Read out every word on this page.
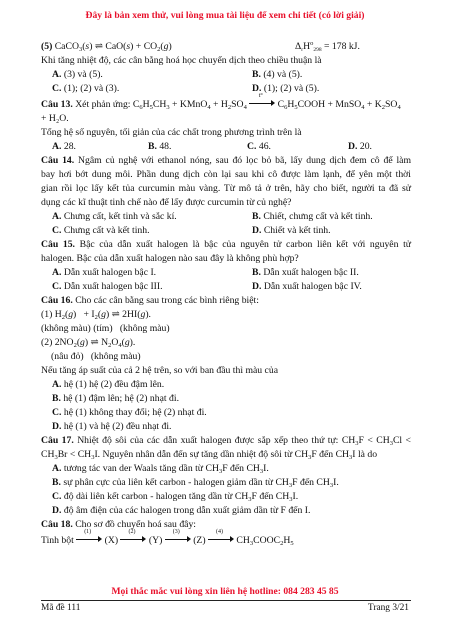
Đây là bản xem thử, vui lòng mua tài liệu để xem chi tiết (có lời giải)
(5) CaCO$_3$(s) ⇌ $CaO(s) + CO_2(g)$	$\Delta_rH^o_{298} = 178$ kJ.
Khi tăng nhiệt độ, các cân bằng hoá học chuyển dịch theo chiều thuận là
A. (3) và (5).	B. (4) và (5).
C. (1); (2) và (3).	D. (1); (2) và (5).
Câu 13. Xét phản ứng: $C_6H_5CH_3$ + KMnO$_4$ + $H_2SO_4$
t°
$C_6H_5COOH$ + MnSO$_4$ + $K_2SO_4$
+ H₂O.
Tổng hệ số nguyên, tối giản của các chất trong phương trình trên là
A. 28.	B. 48.	C. 46.	D. 20.
Câu 14. Ngâm củ nghệ với ethanol nóng, sau đó lọc bỏ bã, lấy dung dịch đem cô để làm
bay hơi bớt dung môi. Phần dung dịch còn lại sau khi cô được làm lạnh, để yên một thời
gian rồi lọc lấy kết tủa curcumin màu vàng. Từ mô tả ở trên, hãy cho biết, người ta đã sử
dụng các kĩ thuật tinh chế nào để lấy được curcumin từ củ nghệ?
A. Chưng cất, kết tinh và sắc kí.	B. Chiết, chưng cất và kết tinh.
C. Chưng cất và kết tinh.	D. Chiết và kết tinh.
Câu 15. Bậc của dẫn xuất halogen là bậc của nguyên tử carbon liên kết với nguyên tử
halogen. Bậc của dẫn xuất halogen nào sau đây là không phù hợp?
A. Dẫn xuất halogen bậc I.	B. Dẫn xuất halogen bậc II.
C. Dẫn xuất halogen bậc III.	D. Dẫn xuất halogen bậc IV.
Câu 16. Cho các cân bằng sau trong các bình riêng biệt:
(1) $H_2(g) + I_2(g)$ ⇌ 2HI(g).
(không màu) (tím)   (không màu)
(2) $2NO_2(g)$ ⇌ $N_2O_4(g)$.
(nâu đỏ)   (không màu)
Nếu tăng áp suất của cả 2 hệ trên, so với ban đầu thì màu của
A. hệ (1) hệ (2) đều đậm lên.
B. hệ (1) đậm lên; hệ (2) nhạt đi.
C. hệ (1) không thay đổi; hệ (2) nhạt đi.
D. hệ (1) và hệ (2) đều nhạt đi.
Câu 17. Nhiệt độ sôi của các dẫn xuất halogen được sắp xếp theo thứ tự: $CH_3F < CH_3Cl$ <
$CH_3Br < CH_3I$. Nguyên nhân dẫn đến sự tăng dần nhiệt độ sôi từ $CH_3F$ đến $CH_3I$ là do
A. tương tác van der Waals tăng dần từ $CH_3F$ đến $CH_3I$.
B. sự phân cực của liên kết carbon - halogen giảm dần từ $CH_3F$ đến $CH_3I$.
C. độ dài liên kết carbon - halogen tăng dần từ $CH_3F$ đến $CH_3I$.
D. độ âm điện của các halogen trong dẫn xuất giảm dần từ F đến I.
Câu 18. Cho sơ đồ chuyển hoá sau đây:
Tinh bột
(1)
(X)
(2)
(Y)
(3)
(Z)
(4)
$CH_3COOC_2H_5$
Mọi thắc mắc vui lòng xin liên hệ hotline: 084 283 45 85
Mã đề 111	Trang 3/21
